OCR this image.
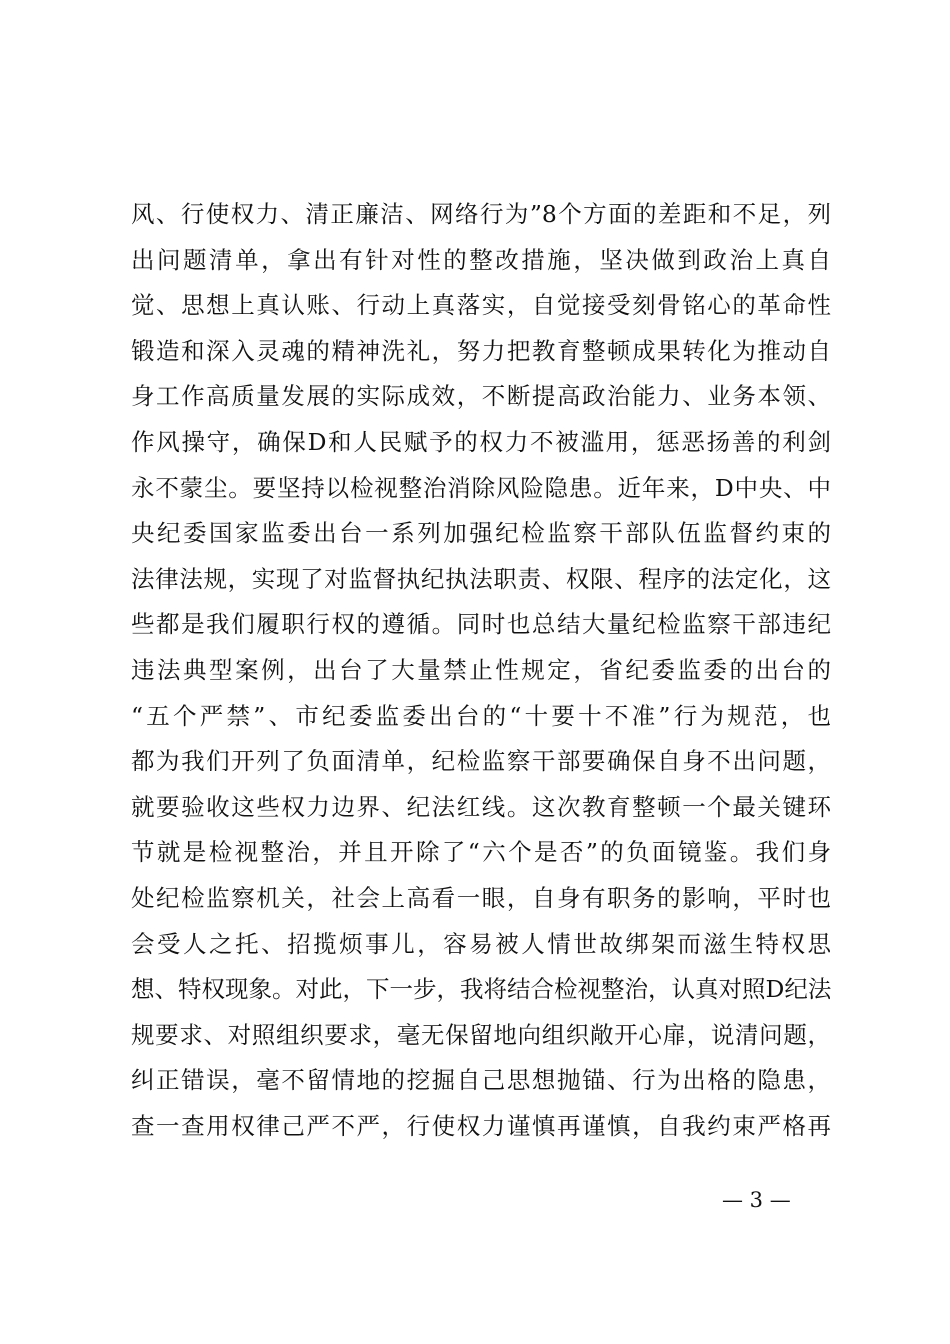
风、行使权力、清正廉洁、网络行为”8个方面的差距和不足，列
出问题清单，拿出有针对性的整改措施，坚决做到政治上真自
觉、思想上真认账、行动上真落实，自觉接受刻骨铭心的革命性
锻造和深入灵魂的精神洗礼，努力把教育整顿成果转化为推动自
身工作高质量发展的实际成效，不断提高政治能力、业务本领、
作风操守，确保D和人民赋予的权力不被滥用，惩恶扬善的利剑
永不蒙尘。要坚持以检视整治消除风险隐患。近年来，D中央、中
央纪委国家监委出台一系列加强纪检监察干部队伍监督约束的
法律法规，实现了对监督执纪执法职责、权限、程序的法定化，这
些都是我们履职行权的遵循。同时也总结大量纪检监察干部违纪
违法典型案例，出台了大量禁止性规定，省纪委监委的出台的
“五个严禁”、市纪委监委出台的“十要十不准”行为规范，也
都为我们开列了负面清单，纪检监察干部要确保自身不出问题，
就要验收这些权力边界、纪法红线。这次教育整顿一个最关键环
节就是检视整治，并且开除了“六个是否”的负面镜鉴。我们身
处纪检监察机关，社会上高看一眼，自身有职务的影响，平时也
会受人之托、招揽烦事儿，容易被人情世故绑架而滋生特权思
想、特权现象。对此，下一步，我将结合检视整治，认真对照D纪法
规要求、对照组织要求，毫无保留地向组织敞开心扉，说清问题，
纠正错误，毫不留情地的挖掘自己思想抛锚、行为出格的隐患，
查一查用权律己严不严，行使权力谨慎再谨慎，自我约束严格再
— 3 —
